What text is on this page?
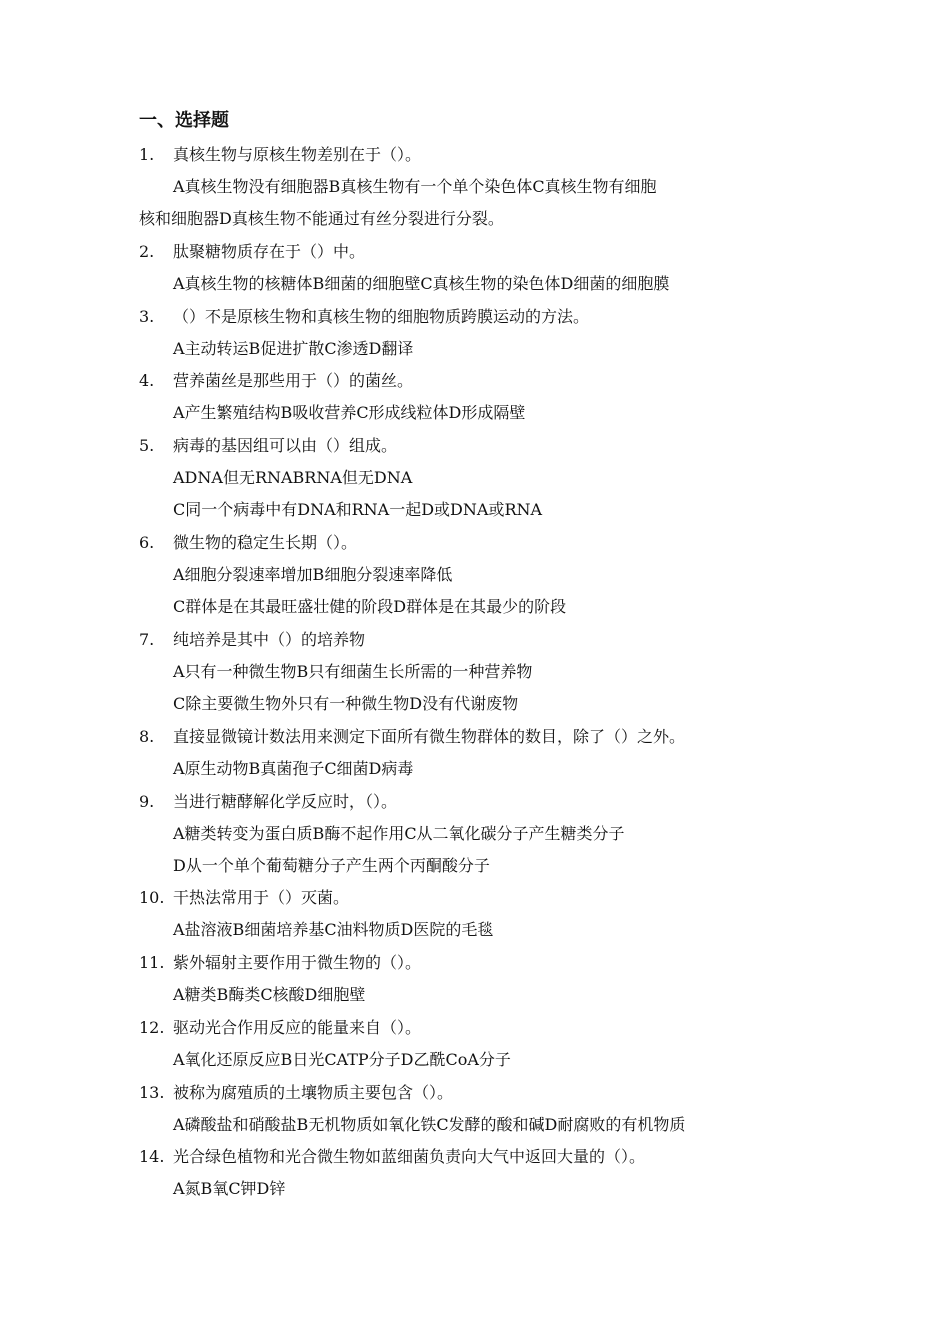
一、选择题
1. 真核生物与原核生物差别在于（）。
A真核生物没有细胞器B真核生物有一个单个染色体C真核生物有细胞
核和细胞器D真核生物不能通过有丝分裂进行分裂。
2. 肽聚糖物质存在于（）中。
A真核生物的核糖体B细菌的细胞壁C真核生物的染色体D细菌的细胞膜
3. （）不是原核生物和真核生物的细胞物质跨膜运动的方法。
A主动转运B促进扩散C渗透D翻译
4. 营养菌丝是那些用于（）的菌丝。
A产生繁殖结构B吸收营养C形成线粒体D形成隔壁
5. 病毒的基因组可以由（）组成。
ADNA但无RNABRNA但无DNA
C同一个病毒中有DNA和RNA一起D或DNA或RNA
6. 微生物的稳定生长期（）。
A细胞分裂速率增加B细胞分裂速率降低
C群体是在其最旺盛壮健的阶段D群体是在其最少的阶段
7. 纯培养是其中（）的培养物
A只有一种微生物B只有细菌生长所需的一种营养物
C除主要微生物外只有一种微生物D没有代谢废物
8. 直接显微镜计数法用来测定下面所有微生物群体的数目，除了（）之外。
A原生动物B真菌孢子C细菌D病毒
9. 当进行糖酵解化学反应时，（）。
A糖类转变为蛋白质B酶不起作用C从二氧化碳分子产生糖类分子
D从一个单个葡萄糖分子产生两个丙酮酸分子
10. 干热法常用于（）灭菌。
A盐溶液B细菌培养基C油料物质D医院的毛毯
11. 紫外辐射主要作用于微生物的（）。
A糖类B酶类C核酸D细胞壁
12. 驱动光合作用反应的能量来自（）。
A氧化还原反应B日光CATP分子D乙酰CoA分子
13. 被称为腐殖质的土壤物质主要包含（）。
A磷酸盐和硝酸盐B无机物质如氧化铁C发酵的酸和碱D耐腐败的有机物质
14. 光合绿色植物和光合微生物如蓝细菌负责向大气中返回大量的（）。
A氮B氧C钾D锌
